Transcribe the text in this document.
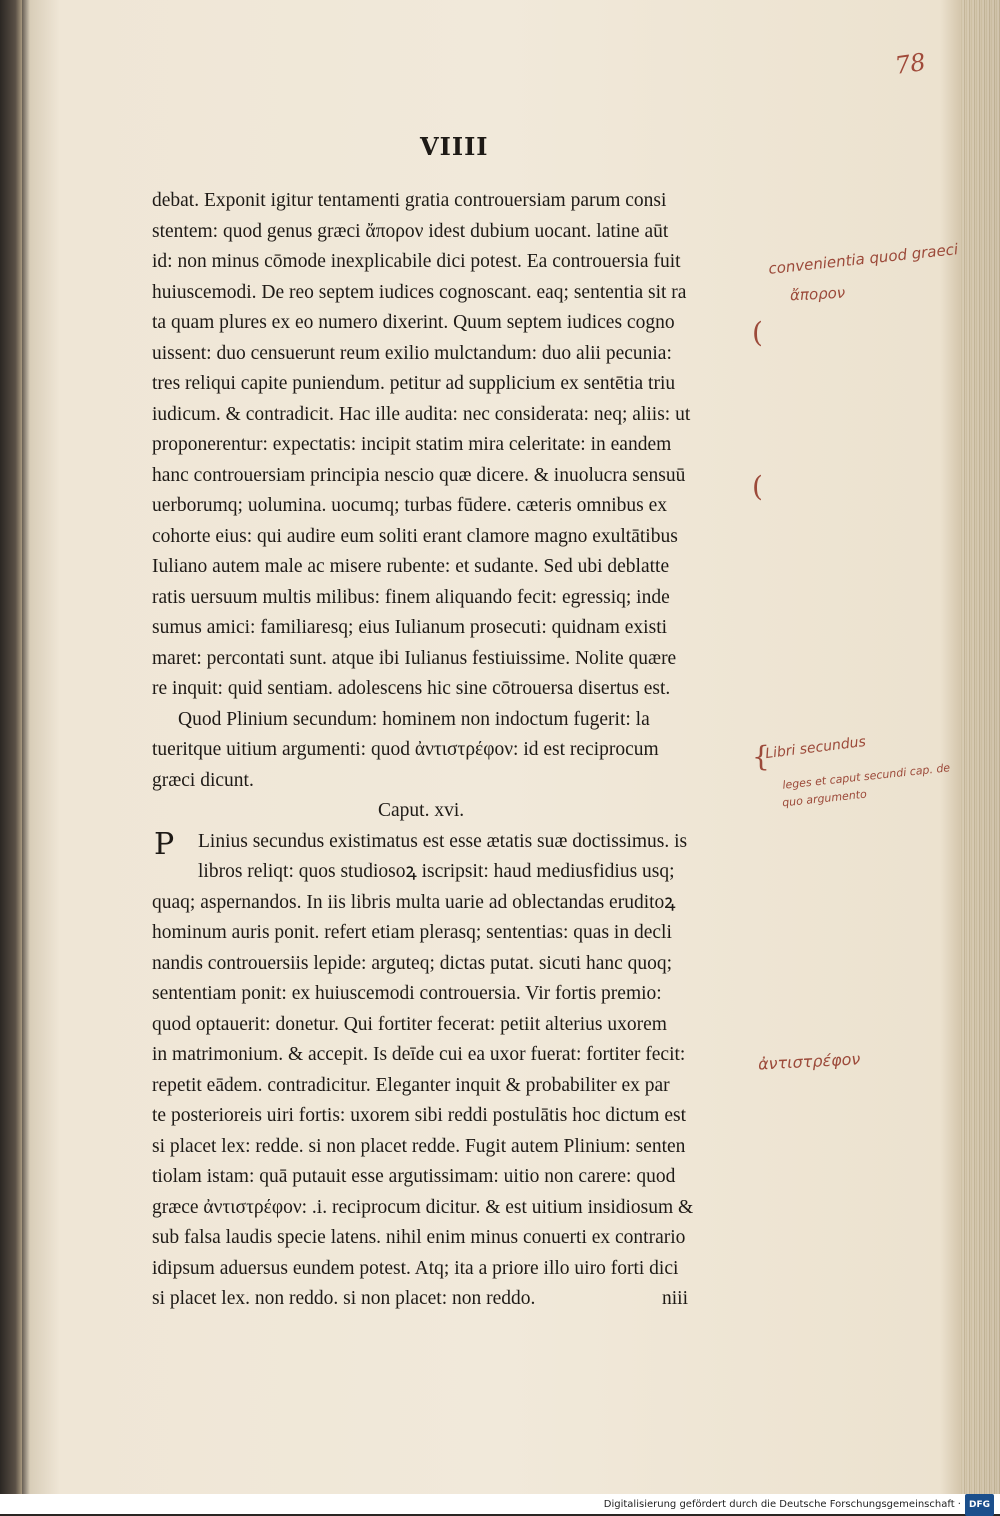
78
VIIII
debat. Exponit igitur tentamenti gratia controuersiam parum consi
stentem: quod genus græci ἄπορον idest dubium uocant. latine aūt
id: non minus cōmode inexplicabile dici potest. Ea controuersia fuit
huiuscemodi. De reo septem iudices cognoscant. eaq; sententia sit ra
ta quam plures ex eo numero dixerint. Quum septem iudices cogno
uissent: duo censuerunt reum exilio mulctandum: duo alii pecunia:
tres reliqui capite puniendum. petitur ad supplicium ex sentētia triu
iudicum. & contradicit. Hac ille audita: nec considerata: neq; aliis: ut
proponerentur: expectatis: incipit statim mira celeritate: in eandem
hanc controuersiam principia nescio quæ dicere. & inuolucra sensuū
uerborumq; uolumina. uocumq; turbas fūdere. cæteris omnibus ex
cohorte eius: qui audire eum soliti erant clamore magno exultātibus
Iuliano autem male ac misere rubente: et sudante. Sed ubi deblatte
ratis uersuum multis milibus: finem aliquando fecit: egressiq; inde
sumus amici: familiaresq; eius Iulianum prosecuti: quidnam existi
maret: percontati sunt. atque ibi Iulianus festiuissime. Nolite quære
re inquit: quid sentiam. adolescens hic sine cōtrouersa disertus est.
Quod Plinium secundum: hominem non indoctum fugerit: la
tueritque uitium argumenti: quod ἀντιστρέφον: id est reciprocum
græci dicunt.
Caput. xvi.
P	Linius secundus existimatus est esse ætatis suæ doctissimus. is
libros reliqt: quos studiosoꝝ iscripsit: haud mediusfidius usq;
quaq; aspernandos. In iis libris multa uarie ad oblectandas eruditoꝝ
hominum auris ponit. refert etiam plerasq; sententias: quas in decli
nandis controuersiis lepide: arguteq; dictas putat. sicuti hanc quoq;
sententiam ponit: ex huiuscemodi controuersia. Vir fortis premio:
quod optauerit: donetur. Qui fortiter fecerat: petiit alterius uxorem
in matrimonium. & accepit. Is deīde cui ea uxor fuerat: fortiter fecit:
repetit eādem. contradicitur. Eleganter inquit & probabiliter ex par
te posterioreis uiri fortis: uxorem sibi reddi postulātis hoc dictum est
si placet lex: redde. si non placet redde. Fugit autem Plinium: senten
tiolam istam: quā putauit esse argutissimam: uitio non carere: quod
græce ἀντιστρέφον: .i. reciprocum dicitur. & est uitium insidiosum &
sub falsa laudis specie latens. nihil enim minus conuerti ex contrario
idipsum aduersus eundem potest. Atq; ita a priore illo uiro forti dici
si placet lex. non reddo. si non placet: non reddo.	niii
convenientia quod graeci
ἄπορον
Libri secundus
leges et caput secundi cap. de
quo argumento
ἀντιστρέφον
(
(
{
Digitalisierung gefördert durch die Deutsche Forschungsgemeinschaft · DFG
